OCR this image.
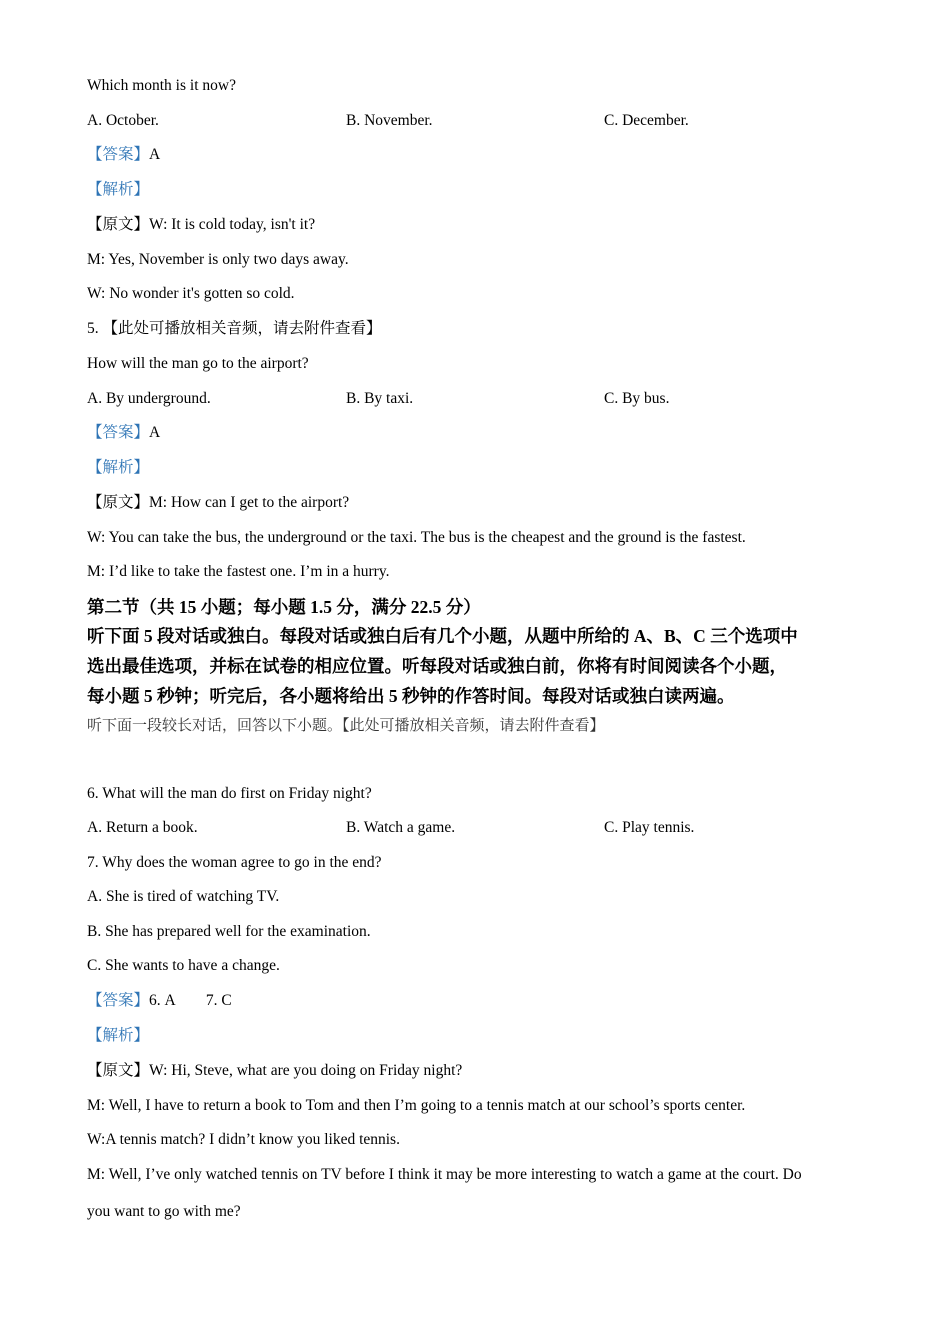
Which month is it now?
A. October.	B. November.	C. December.
【答案】A
【解析】
【原文】W: It is cold today, isn't it?
M: Yes, November is only two days away.
W: No wonder it's gotten so cold.
5. 【此处可播放相关音频，请去附件查看】
How will the man go to the airport?
A. By underground.	B. By taxi.	C. By bus.
【答案】A
【解析】
【原文】M: How can I get to the airport?
W: You can take the bus, the underground or the taxi. The bus is the cheapest and the ground is the fastest.
M: I’d like to take the fastest one. I’m in a hurry.
第二节（共 15 小题；每小题 1.5 分，满分 22.5 分）
听下面 5 段对话或独白。每段对话或独白后有几个小题，从题中所给的 A、B、C 三个选项中
选出最佳选项，并标在试卷的相应位置。听每段对话或独白前，你将有时间阅读各个小题，
每小题 5 秒钟；听完后，各小题将给出 5 秒钟的作答时间。每段对话或独白读两遍。
听下面一段较长对话，回答以下小题。【此处可播放相关音频，请去附件查看】
6. What will the man do first on Friday night?
A. Return a book.	B. Watch a game.	C. Play tennis.
7. Why does the woman agree to go in the end?
A. She is tired of watching TV.
B. She has prepared well for the examination.
C. She wants to have a change.
【答案】6. A        7. C
【解析】
【原文】W: Hi, Steve, what are you doing on Friday night?
M: Well, I have to return a book to Tom and then I’m going to a tennis match at our school’s sports center.
W:A tennis match? I didn’t know you liked tennis.
M: Well, I’ve only watched tennis on TV before I think it may be more interesting to watch a game at the court. Do
you want to go with me?
